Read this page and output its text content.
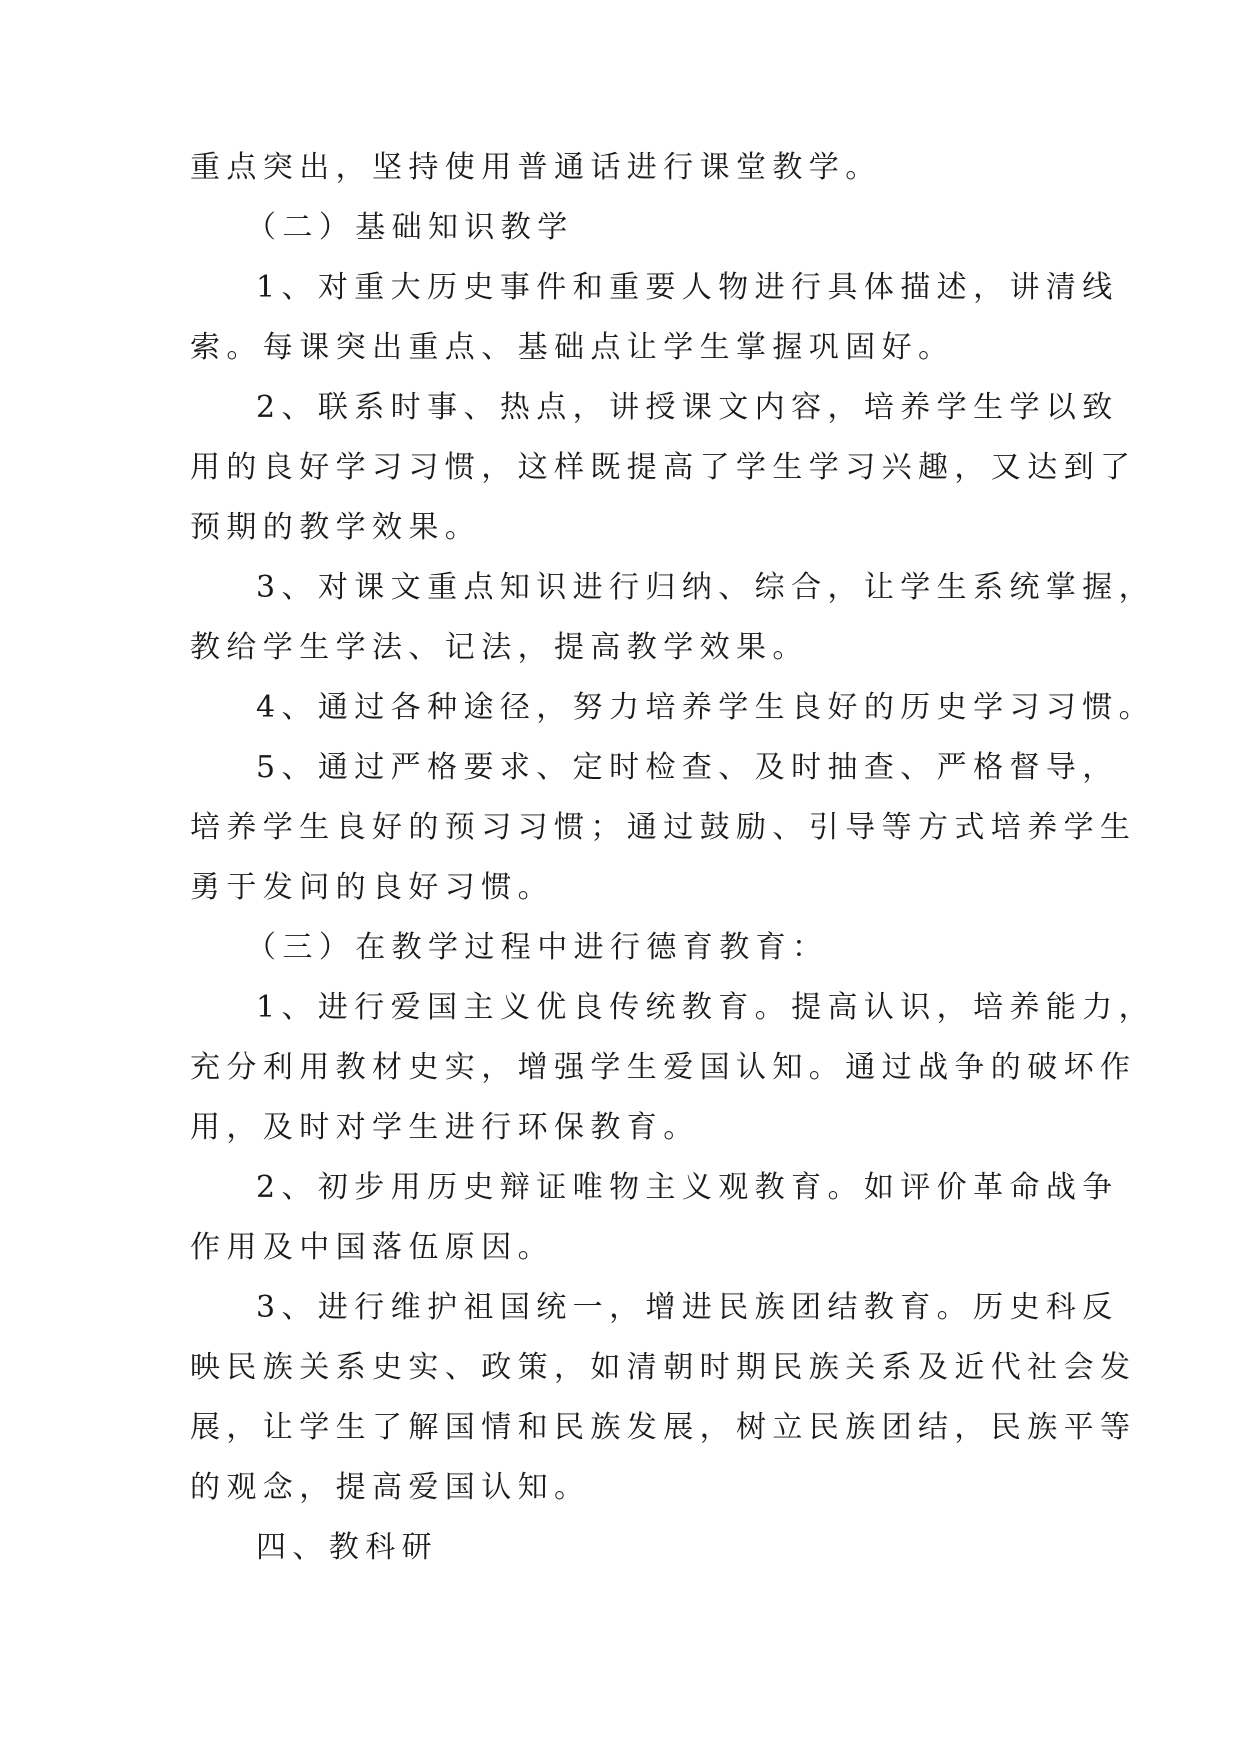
重点突出，坚持使用普通话进行课堂教学。
（二）基础知识教学
1、对重大历史事件和重要人物进行具体描述，讲清线
索。每课突出重点、基础点让学生掌握巩固好。
2、联系时事、热点，讲授课文内容，培养学生学以致
用的良好学习习惯，这样既提高了学生学习兴趣，又达到了
预期的教学效果。
3、对课文重点知识进行归纳、综合，让学生系统掌握，
教给学生学法、记法，提高教学效果。
4、通过各种途径，努力培养学生良好的历史学习习惯。
5、通过严格要求、定时检查、及时抽查、严格督导，
培养学生良好的预习习惯；通过鼓励、引导等方式培养学生
勇于发问的良好习惯。
（三）在教学过程中进行德育教育：
1、进行爱国主义优良传统教育。提高认识，培养能力，
充分利用教材史实，增强学生爱国认知。通过战争的破坏作
用，及时对学生进行环保教育。
2、初步用历史辩证唯物主义观教育。如评价革命战争
作用及中国落伍原因。
3、进行维护祖国统一，增进民族团结教育。历史科反
映民族关系史实、政策，如清朝时期民族关系及近代社会发
展，让学生了解国情和民族发展，树立民族团结，民族平等
的观念，提高爱国认知。
四、教科研
